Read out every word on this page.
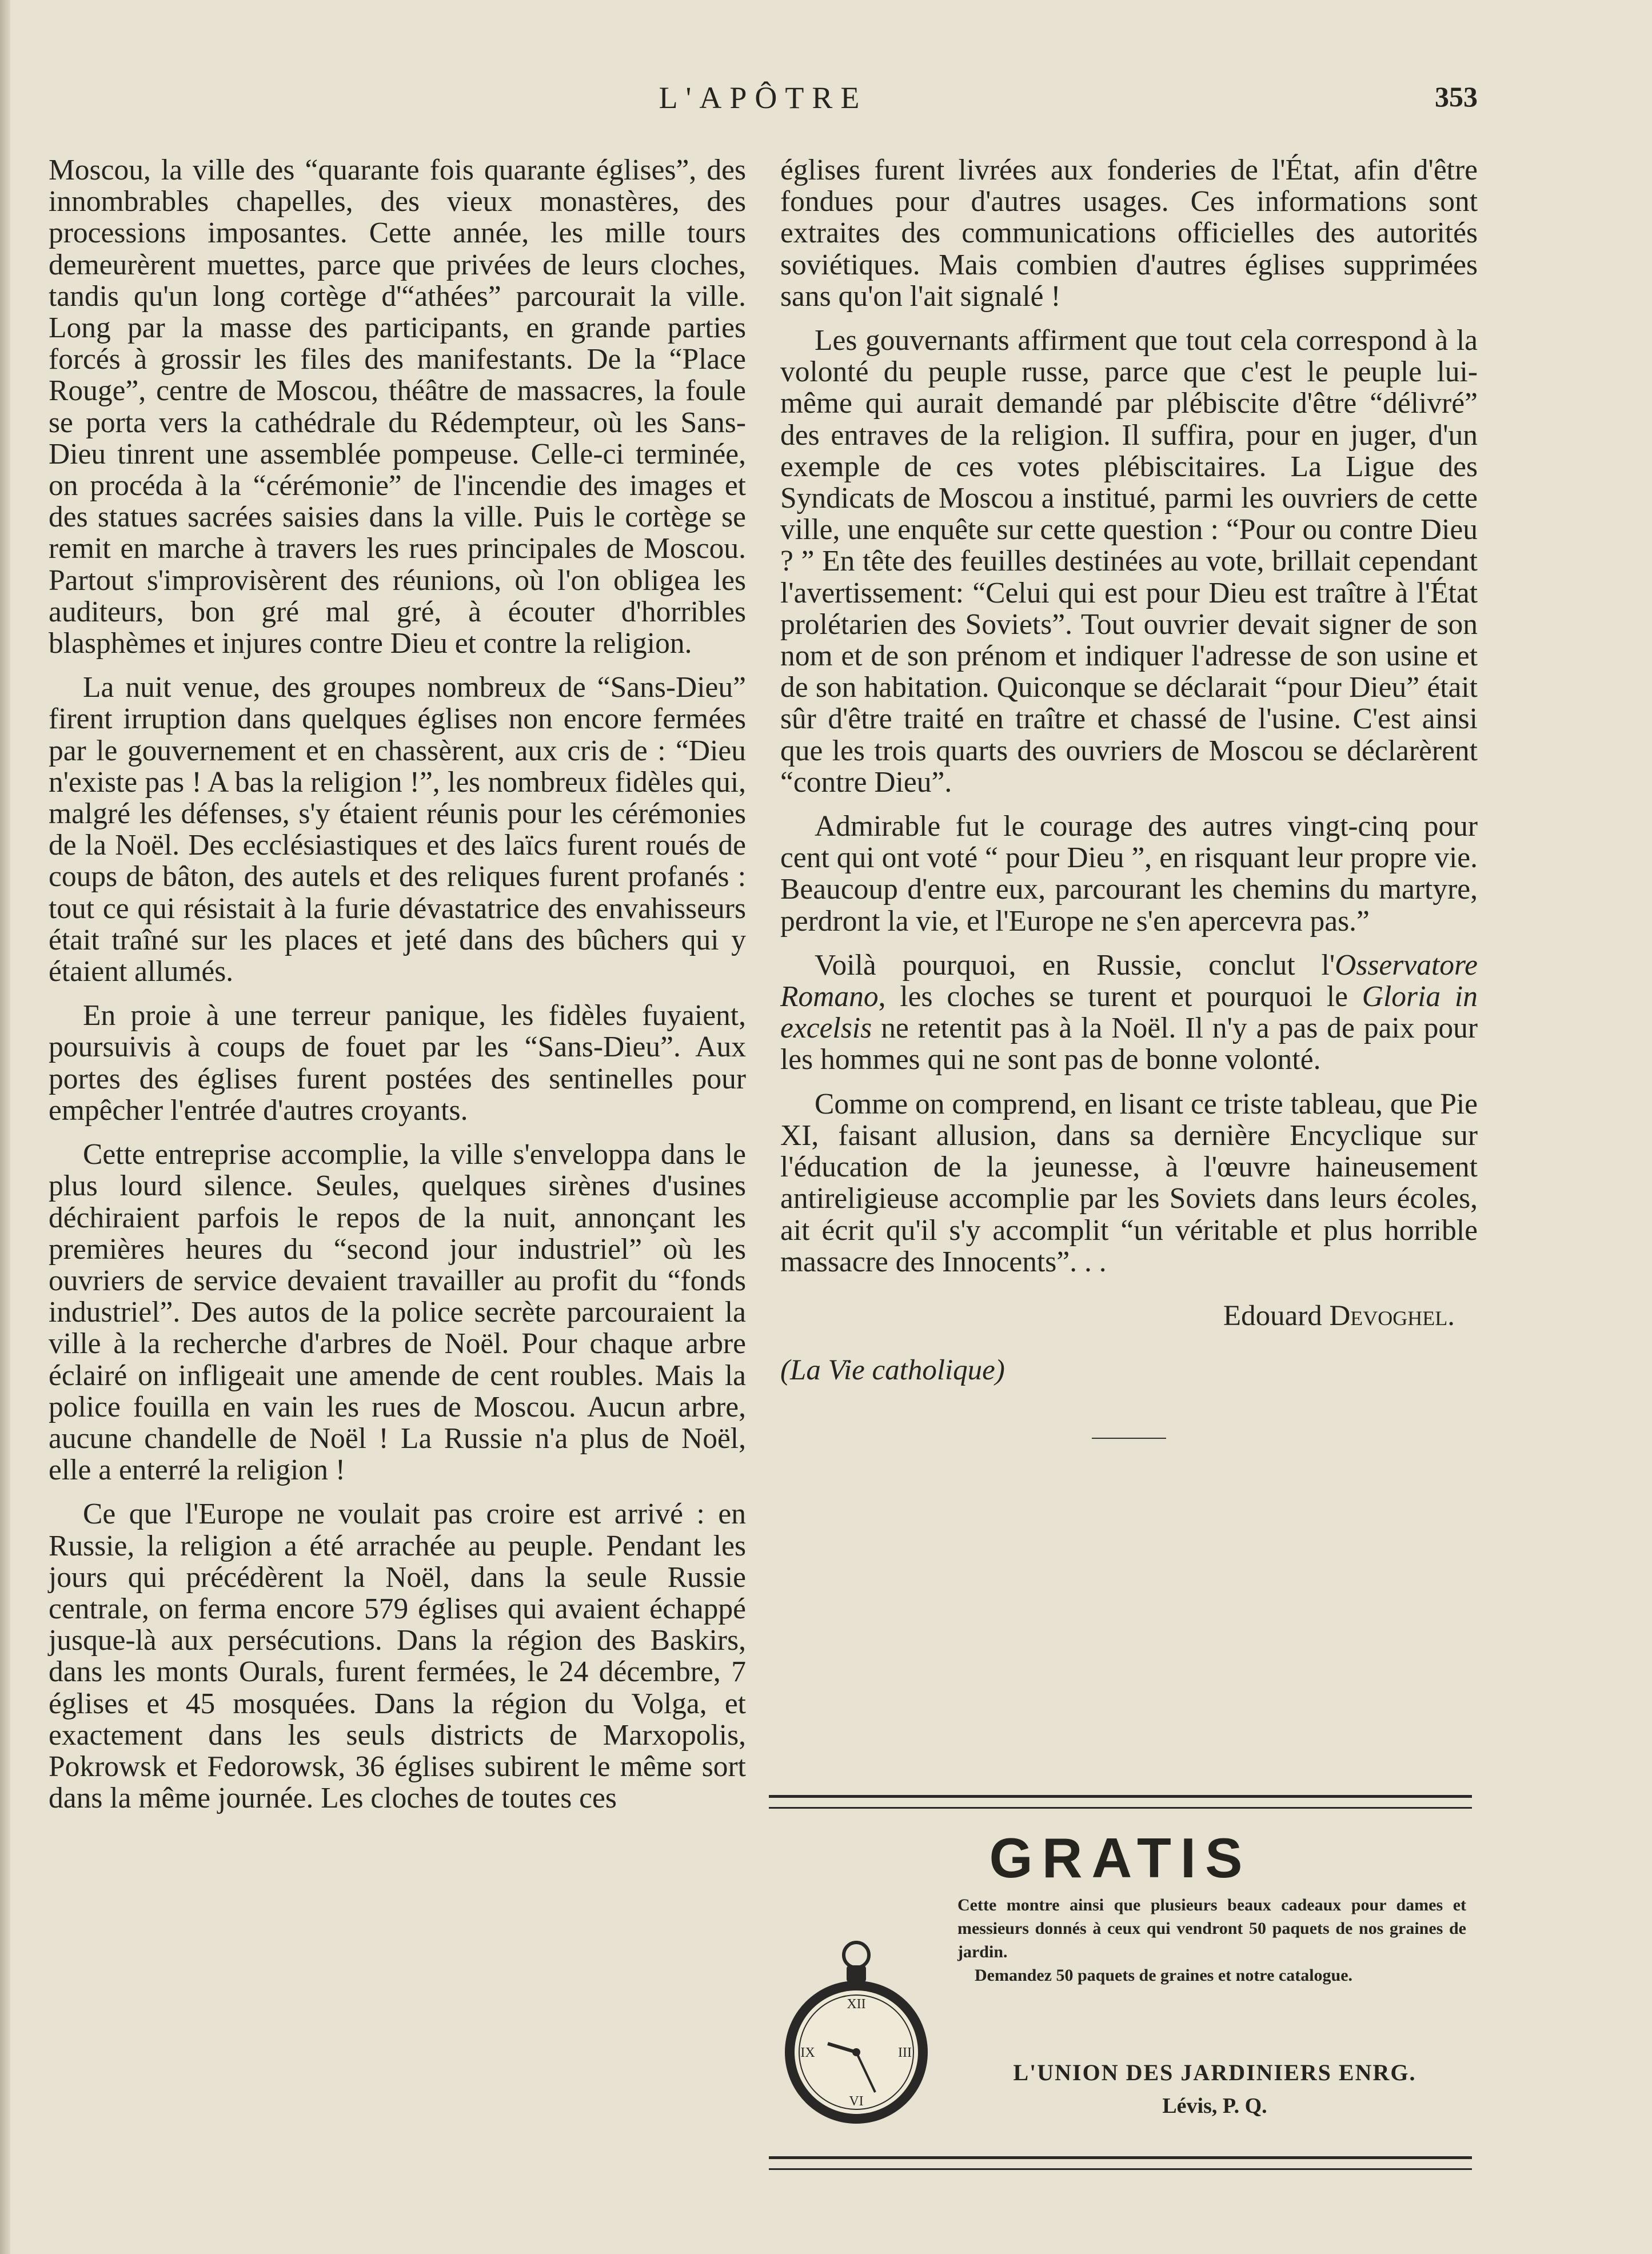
L'APÔTRE	353

Moscou, la ville des “quarante fois quarante églises”, des innombrables chapelles, des vieux monastères, des processions imposantes. Cette année, les mille tours demeurèrent muettes, parce que privées de leurs cloches, tandis qu'un long cortège d'“athées” parcourait la ville. Long par la masse des participants, en grande parties forcés à grossir les files des manifestants. De la “Place Rouge”, centre de Moscou, théâtre de massacres, la foule se porta vers la cathédrale du Rédempteur, où les Sans-Dieu tinrent une assemblée pompeuse. Celle-ci terminée, on procéda à la “cérémonie” de l'incendie des images et des statues sacrées saisies dans la ville. Puis le cortège se remit en marche à travers les rues principales de Moscou. Partout s'improvisèrent des réunions, où l'on obligea les auditeurs, bon gré mal gré, à écouter d'horribles blasphèmes et injures contre Dieu et contre la religion.

La nuit venue, des groupes nombreux de “Sans-Dieu” firent irruption dans quelques églises non encore fermées par le gouvernement et en chassèrent, aux cris de : “Dieu n'existe pas ! A bas la religion !”, les nombreux fidèles qui, malgré les défenses, s'y étaient réunis pour les cérémonies de la Noël. Des ecclésiastiques et des laïcs furent roués de coups de bâton, des autels et des reliques furent profanés : tout ce qui résistait à la furie dévastatrice des envahisseurs était traîné sur les places et jeté dans des bûchers qui y étaient allumés.

En proie à une terreur panique, les fidèles fuyaient, poursuivis à coups de fouet par les “Sans-Dieu”. Aux portes des églises furent postées des sentinelles pour empêcher l'entrée d'autres croyants.

Cette entreprise accomplie, la ville s'enveloppa dans le plus lourd silence. Seules, quelques sirènes d'usines déchiraient parfois le repos de la nuit, annonçant les premières heures du “second jour industriel” où les ouvriers de service devaient travailler au profit du “fonds industriel”. Des autos de la police secrète parcouraient la ville à la recherche d'arbres de Noël. Pour chaque arbre éclairé on infligeait une amende de cent roubles. Mais la police fouilla en vain les rues de Moscou. Aucun arbre, aucune chandelle de Noël ! La Russie n'a plus de Noël, elle a enterré la religion !

Ce que l'Europe ne voulait pas croire est arrivé : en Russie, la religion a été arrachée au peuple. Pendant les jours qui précédèrent la Noël, dans la seule Russie centrale, on ferma encore 579 églises qui avaient échappé jusque-là aux persécutions. Dans la région des Baskirs, dans les monts Ourals, furent fermées, le 24 décembre, 7 églises et 45 mosquées. Dans la région du Volga, et exactement dans les seuls districts de Marxopolis, Pokrowsk et Fedorowsk, 36 églises subirent le même sort dans la même journée. Les cloches de toutes ces

églises furent livrées aux fonderies de l'État, afin d'être fondues pour d'autres usages. Ces informations sont extraites des communications officielles des autorités soviétiques. Mais combien d'autres églises supprimées sans qu'on l'ait signalé !

Les gouvernants affirment que tout cela correspond à la volonté du peuple russe, parce que c'est le peuple lui-même qui aurait demandé par plébiscite d'être “délivré” des entraves de la religion. Il suffira, pour en juger, d'un exemple de ces votes plébiscitaires. La Ligue des Syndicats de Moscou a institué, parmi les ouvriers de cette ville, une enquête sur cette question : “Pour ou contre Dieu ? ” En tête des feuilles destinées au vote, brillait cependant l'avertissement: “Celui qui est pour Dieu est traître à l'État prolétarien des Soviets”. Tout ouvrier devait signer de son nom et de son prénom et indiquer l'adresse de son usine et de son habitation. Quiconque se déclarait “pour Dieu” était sûr d'être traité en traître et chassé de l'usine. C'est ainsi que les trois quarts des ouvriers de Moscou se déclarèrent “contre Dieu”.

Admirable fut le courage des autres vingt-cinq pour cent qui ont voté “ pour Dieu ”, en risquant leur propre vie. Beaucoup d'entre eux, parcourant les chemins du martyre, perdront la vie, et l'Europe ne s'en apercevra pas.”

Voilà pourquoi, en Russie, conclut l'Osservatore Romano, les cloches se turent et pourquoi le Gloria in excelsis ne retentit pas à la Noël. Il n'y a pas de paix pour les hommes qui ne sont pas de bonne volonté.

Comme on comprend, en lisant ce triste tableau, que Pie XI, faisant allusion, dans sa dernière Encyclique sur l'éducation de la jeunesse, à l'œuvre haineusement antireligieuse accomplie par les Soviets dans leurs écoles, ait écrit qu'il s'y accomplit “un véritable et plus horrible massacre des Innocents”. . .

Edouard Devoghel.
(La Vie catholique)
GRATIS
XII
III
VI
IX

Cette montre ainsi que plusieurs beaux cadeaux pour dames et messieurs donnés à ceux qui vendront 50 paquets de nos graines de jardin.

Demandez 50 paquets de graines et notre catalogue.

L'UNION DES JARDINIERS ENRG.
Lévis, P. Q.
